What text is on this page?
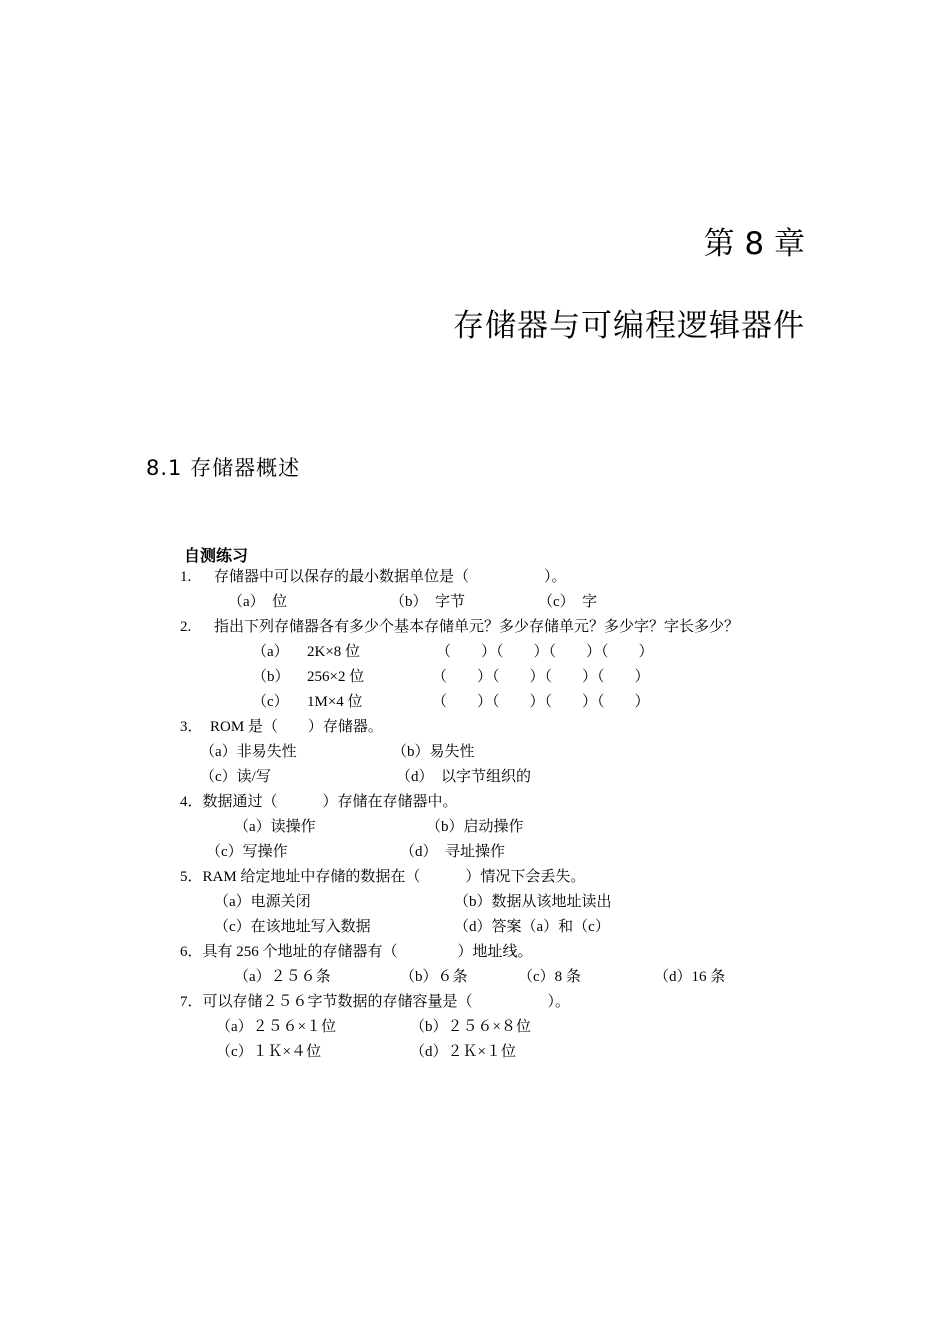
第 8 章
存储器与可编程逻辑器件
8.1 存储器概述
自测练习
1. 存储器中可以保存的最小数据单位是（　　　　　）。
（a）  位	（b）  字节	（c）  字
2. 指出下列存储器各有多少个基本存储单元？多少存储单元？多少字？字长多少？
（a） 2K×8 位	（　　）（　　）（　　）（　　）
（b） 256×2 位	（　　）（　　）（　　）（　　）
（c） 1M×4 位	（　　）（　　）（　　）（　　）
3．  ROM 是（　　）存储器。
（a）非易失性	（b）易失性
（c）读/写	（d）  以字节组织的
4．数据通过（　　　）存储在存储器中。
（a）读操作	（b）启动操作
（c）写操作	（d）  寻址操作
5．RAM 给定地址中存储的数据在（　　　）情况下会丢失。
（a）电源关闭	（b）数据从该地址读出
（c）在该地址写入数据	（d）答案（a）和（c）
6．具有 256 个地址的存储器有（　　　　）地址线。
（a）２５６条	（b）６条	（c）8 条	（d）16 条
7．可以存储２５６字节数据的存储容量是（　　　　　）。
（a）２５６×１位	（b）２５６×８位
（c）１Ｋ×４位	（d）２Ｋ×１位
